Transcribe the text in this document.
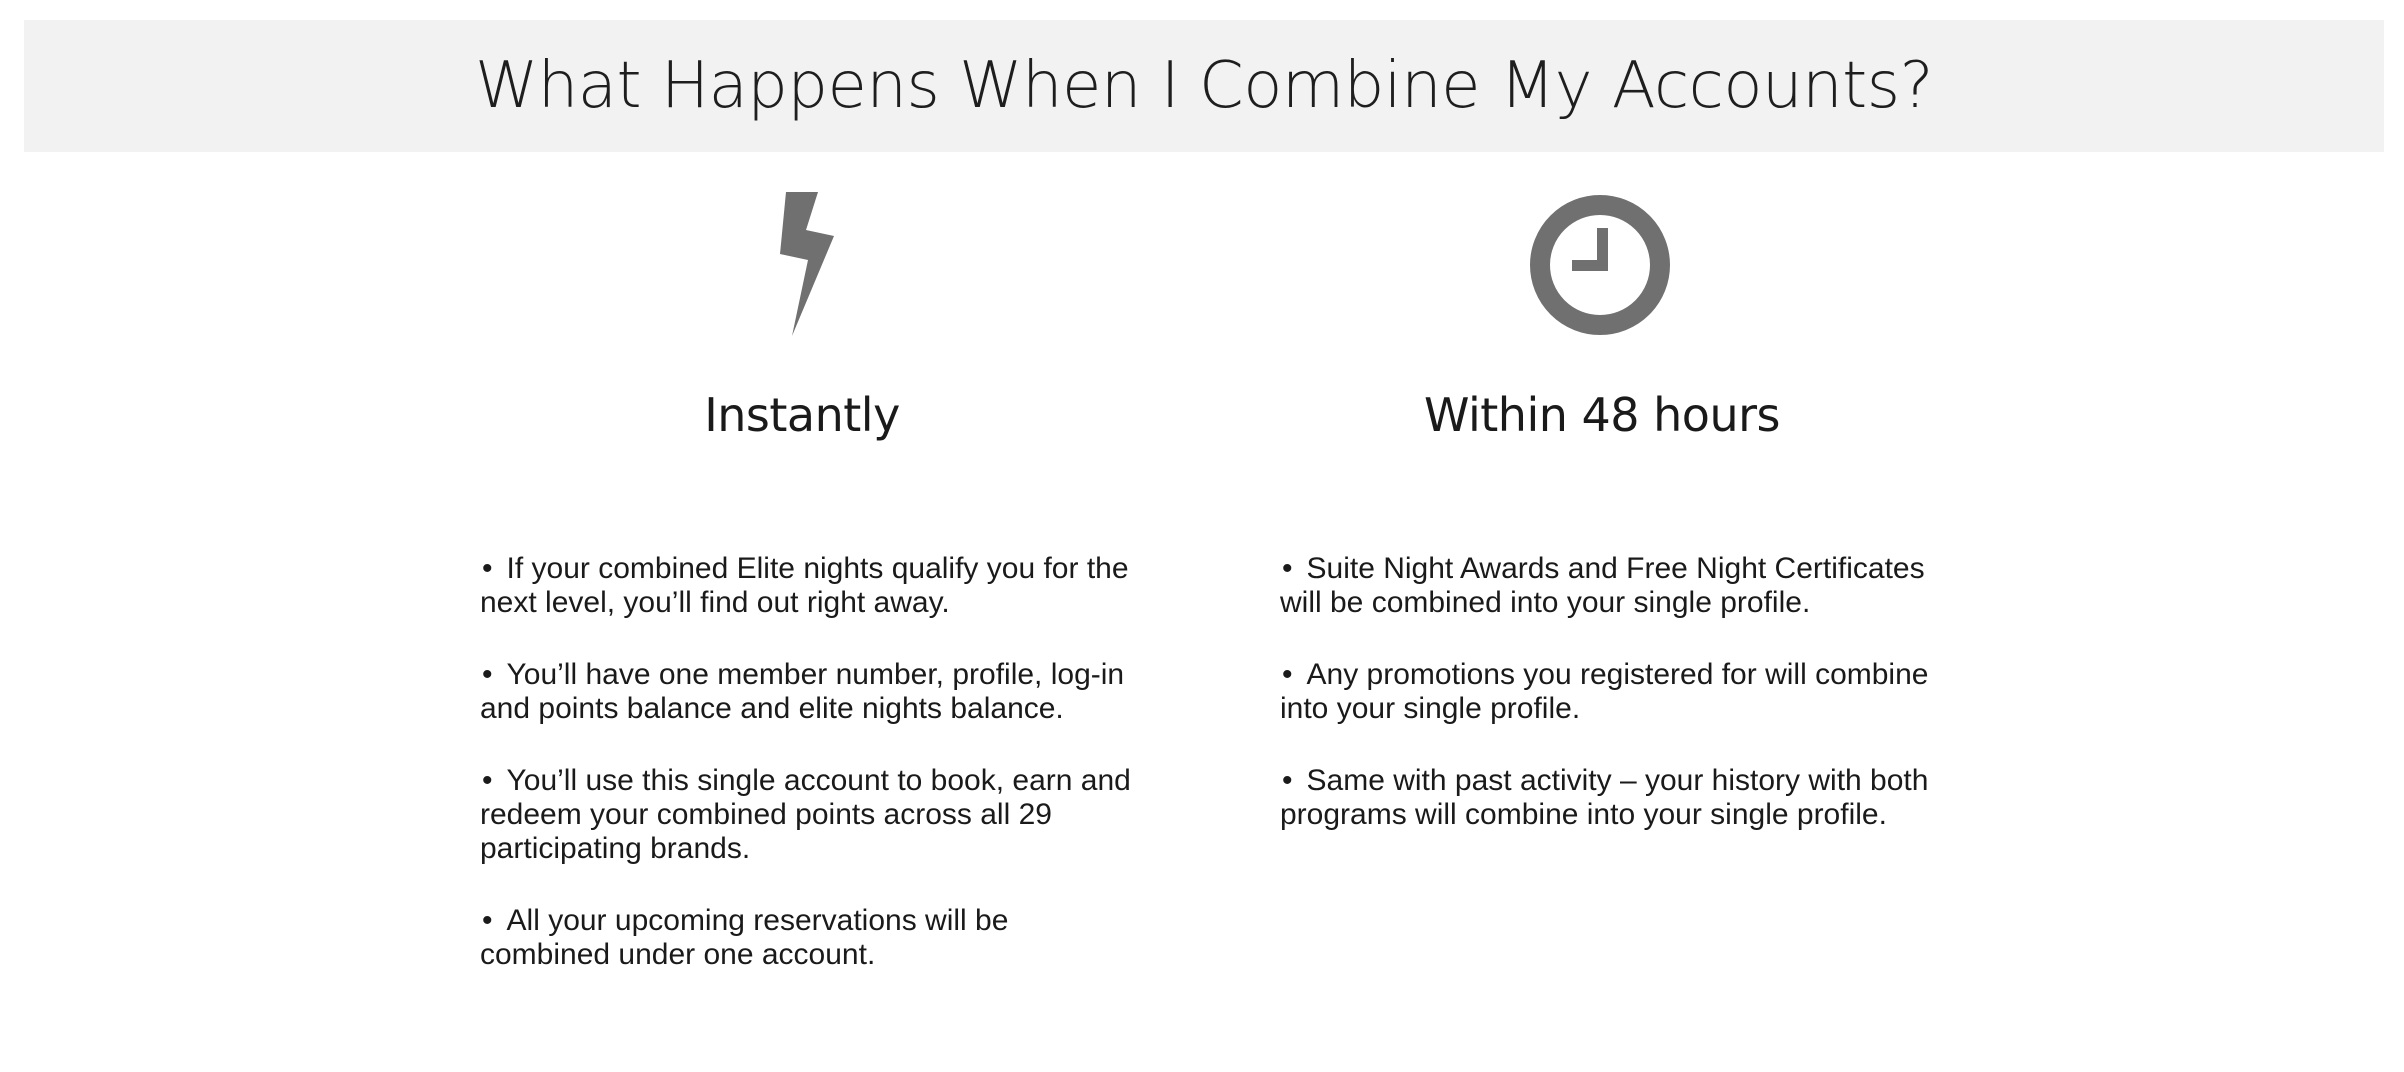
What Happens When I Combine My Accounts?
Instantly
• If your combined Elite nights qualify you for the next level, you’ll find out right away.
• You’ll have one member number, profile, log-in and points balance and elite nights balance.
• You’ll use this single account to book, earn and redeem your combined points across all 29 participating brands.
• All your upcoming reservations will be combined under one account.
Within 48 hours
• Suite Night Awards and Free Night Certificates will be combined into your single profile.
• Any promotions you registered for will combine into your single profile.
• Same with past activity – your history with both programs will combine into your single profile.
